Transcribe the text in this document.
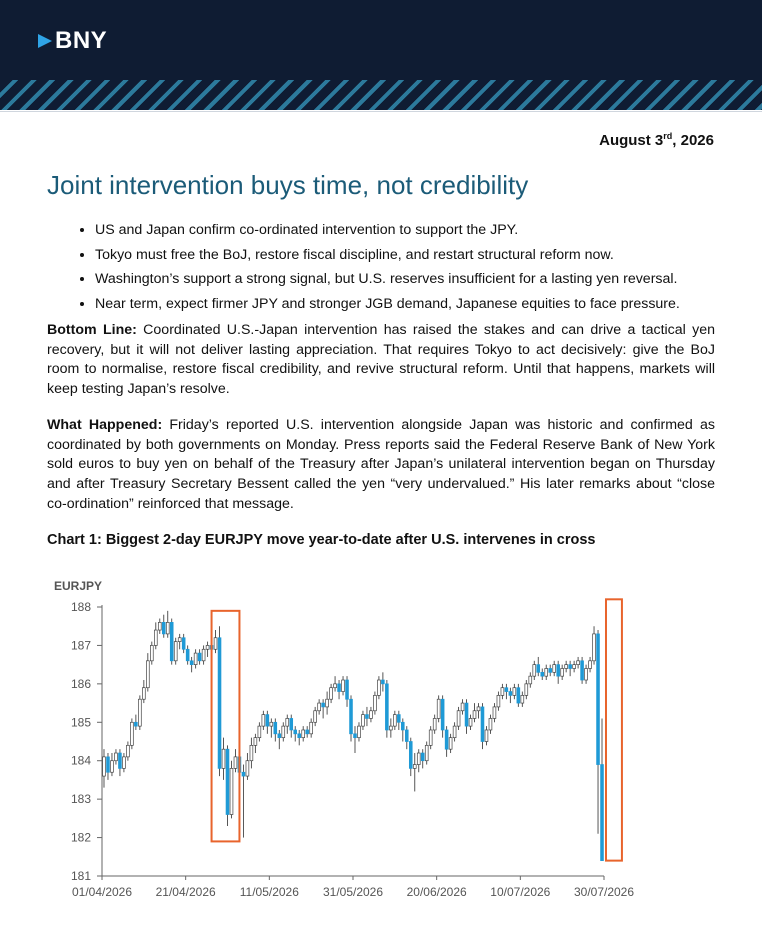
BNY
August 3rd, 2026
Joint intervention buys time, not credibility
• US and Japan confirm co-ordinated intervention to support the JPY.
• Tokyo must free the BoJ, restore fiscal discipline, and restart structural reform now.
• Washington’s support a strong signal, but U.S. reserves insufficient for a lasting yen reversal.
• Near term, expect firmer JPY and stronger JGB demand, Japanese equities to face pressure.
Bottom Line: Coordinated U.S.-Japan intervention has raised the stakes and can drive a tactical yen recovery, but it will not deliver lasting appreciation. That requires Tokyo to act decisively: give the BoJ room to normalise, restore fiscal credibility, and revive structural reform. Until that happens, markets will keep testing Japan’s resolve.
What Happened: Friday’s reported U.S. intervention alongside Japan was historic and confirmed as coordinated by both governments on Monday. Press reports said the Federal Reserve Bank of New York sold euros to buy yen on behalf of the Treasury after Japan’s unilateral intervention began on Thursday and after Treasury Secretary Bessent called the yen “very undervalued.” His later remarks about “close co-ordination” reinforced that message.
Chart 1: Biggest 2-day EURJPY move year-to-date after U.S. intervenes in cross
EURJPY
181
182
183
184
185
186
187
188
01/04/2026 21/04/2026 11/05/2026 31/05/2026 20/06/2026 10/07/2026 30/07/2026
